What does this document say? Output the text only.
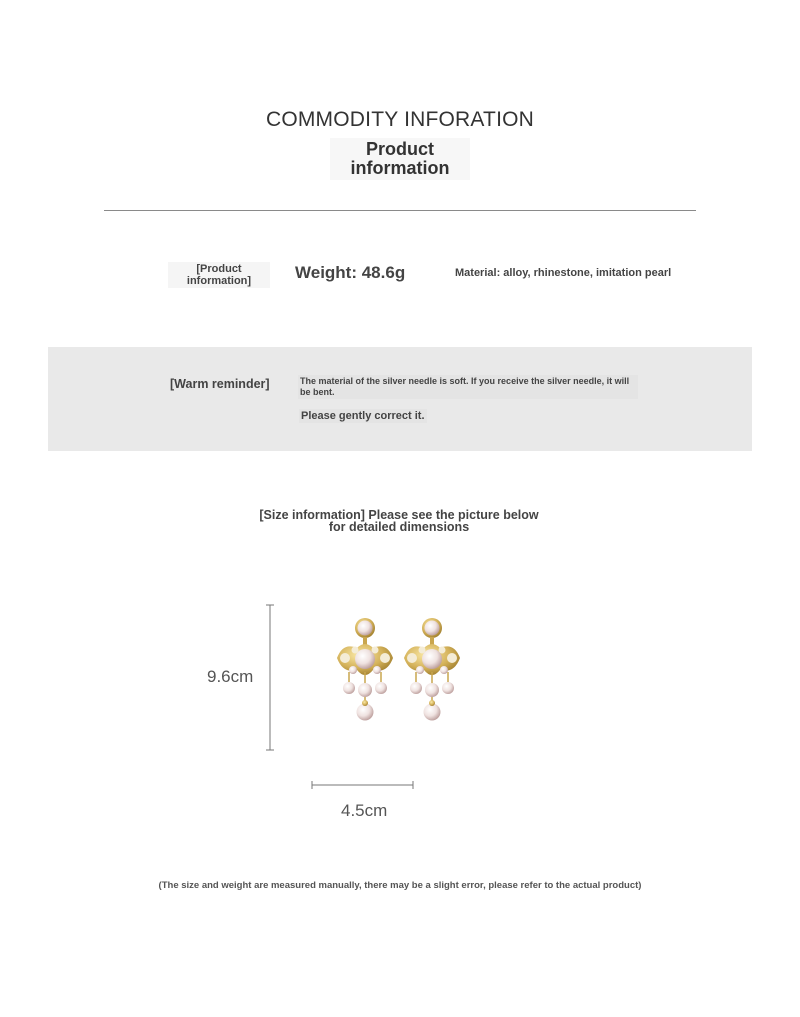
COMMODITY INFORATION
Product information
[Product information]	Weight: 48.6g	Material: alloy, rhinestone, imitation pearl
[Warm reminder]	The material of the silver needle is soft. If you receive the silver needle, it will be bent.
Please gently correct it.
[Size information] Please see the picture below for detailed dimensions
9.6cm
4.5cm
(The size and weight are measured manually, there may be a slight error, please refer to the actual product)
